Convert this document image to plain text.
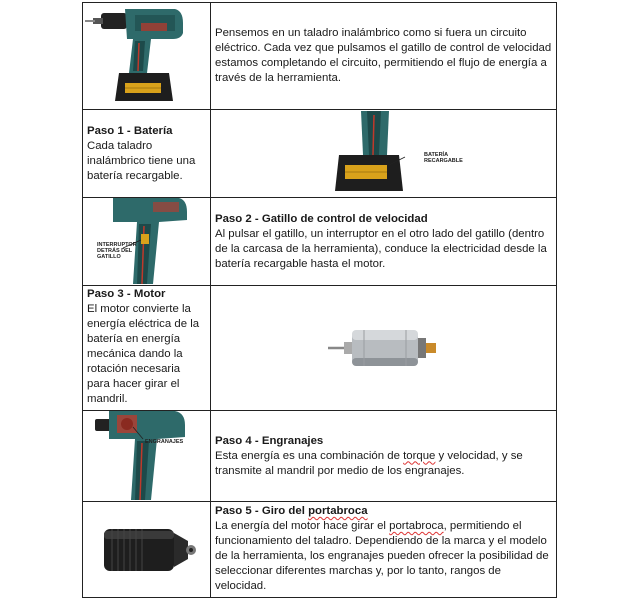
Pensemos en un taladro inalámbrico como si fuera un circuito eléctrico. Cada vez que pulsamos el gatillo de control de velocidad estamos completando el circuito, permitiendo el flujo de energía a través de la herramienta.

Paso 1 - Batería
Cada taladro inalámbrico tiene una batería recargable.	BATERÍA RECARGABLE

INTERRUPTOR DETRÁS DEL GATILLO	Paso 2 - Gatillo de control de velocidad
Al pulsar el gatillo, un interruptor en el otro lado del gatillo (dentro de la carcasa de la herramienta), conduce la electricidad desde la batería recargable hasta el motor.

Paso 3 - Motor
El motor convierte la energía eléctrica de la batería en energía mecánica dando la rotación necesaria para hacer girar el mandril.

ENGRANAJES	Paso 4 - Engranajes
Esta energía es una combinación de torque y velocidad, y se transmite al mandril por medio de los engranajes.

Paso 5 - Giro del portabroca
La energía del motor hace girar el portabroca, permitiendo el funcionamiento del taladro. Dependiendo de la marca y el modelo de la herramienta, los engranajes pueden ofrecer la posibilidad de seleccionar diferentes marchas y, por lo tanto, rangos de velocidad.
